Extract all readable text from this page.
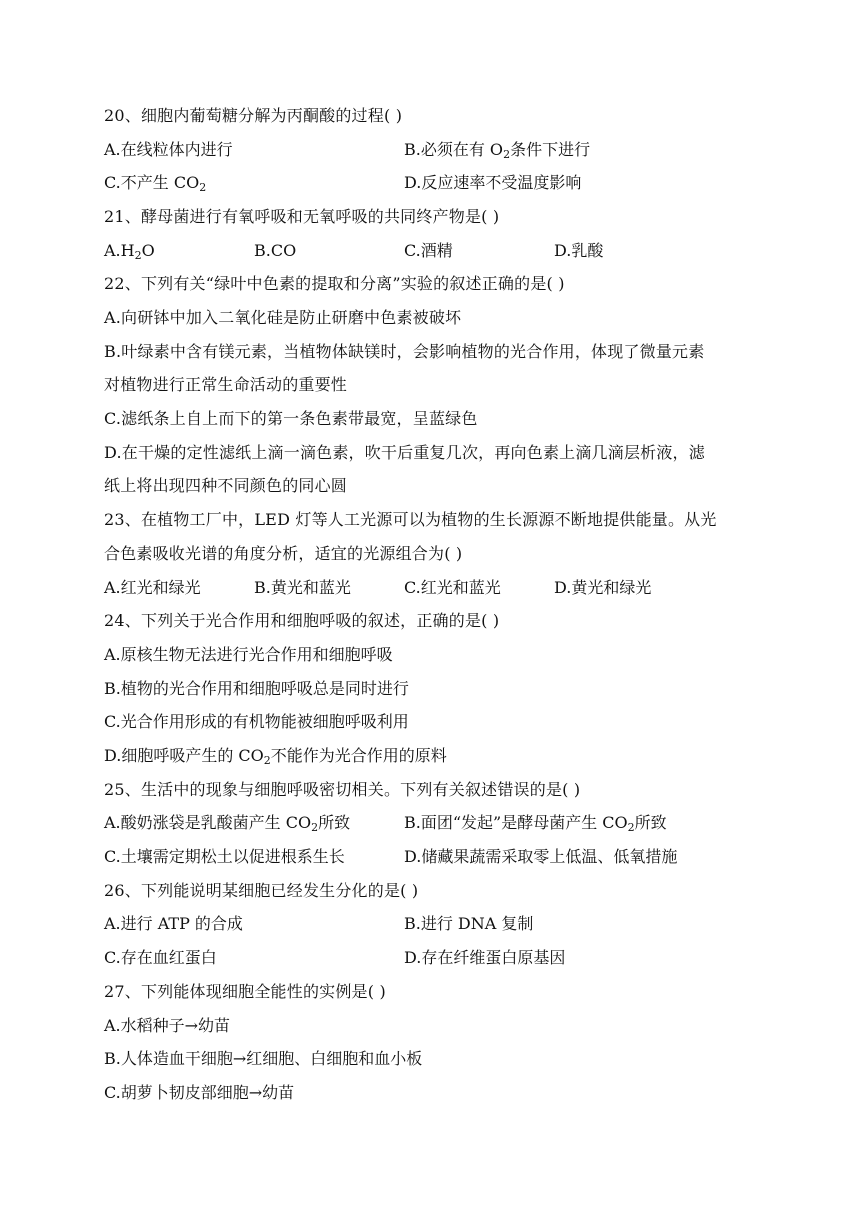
20、细胞内葡萄糖分解为丙酮酸的过程( )
A.在线粒体内进行	B.必须在有 $O_2$条件下进行
C.不产生 $CO_2$	D.反应速率不受温度影响
21、酵母菌进行有氧呼吸和无氧呼吸的共同终产物是( )
$A.H_2O$	B.CO	C.酒精	D.乳酸
22、下列有关“绿叶中色素的提取和分离”实验的叙述正确的是( )
A.向研钵中加入二氧化硅是防止研磨中色素被破坏
B.叶绿素中含有镁元素，当植物体缺镁时，会影响植物的光合作用，体现了微量元素
对植物进行正常生命活动的重要性
C.滤纸条上自上而下的第一条色素带最宽，呈蓝绿色
D.在干燥的定性滤纸上滴一滴色素，吹干后重复几次，再向色素上滴几滴层析液，滤
纸上将出现四种不同颜色的同心圆
23、在植物工厂中，LED 灯等人工光源可以为植物的生长源源不断地提供能量。从光
合色素吸收光谱的角度分析，适宜的光源组合为( )
A.红光和绿光	B.黄光和蓝光	C.红光和蓝光	D.黄光和绿光
24、下列关于光合作用和细胞呼吸的叙述，正确的是( )
A.原核生物无法进行光合作用和细胞呼吸
B.植物的光合作用和细胞呼吸总是同时进行
C.光合作用形成的有机物能被细胞呼吸利用
D.细胞呼吸产生的 $CO_2$不能作为光合作用的原料
25、生活中的现象与细胞呼吸密切相关。下列有关叙述错误的是( )
A.酸奶涨袋是乳酸菌产生 $CO_2$所致	B.面团“发起”是酵母菌产生 $CO_2$所致
C.土壤需定期松土以促进根系生长	D.储藏果蔬需采取零上低温、低氧措施
26、下列能说明某细胞已经发生分化的是( )
A.进行 ATP 的合成	B.进行 DNA 复制
C.存在血红蛋白	D.存在纤维蛋白原基因
27、下列能体现细胞全能性的实例是( )
A.水稻种子→幼苗
B.人体造血干细胞→红细胞、白细胞和血小板
C.胡萝卜韧皮部细胞→幼苗
